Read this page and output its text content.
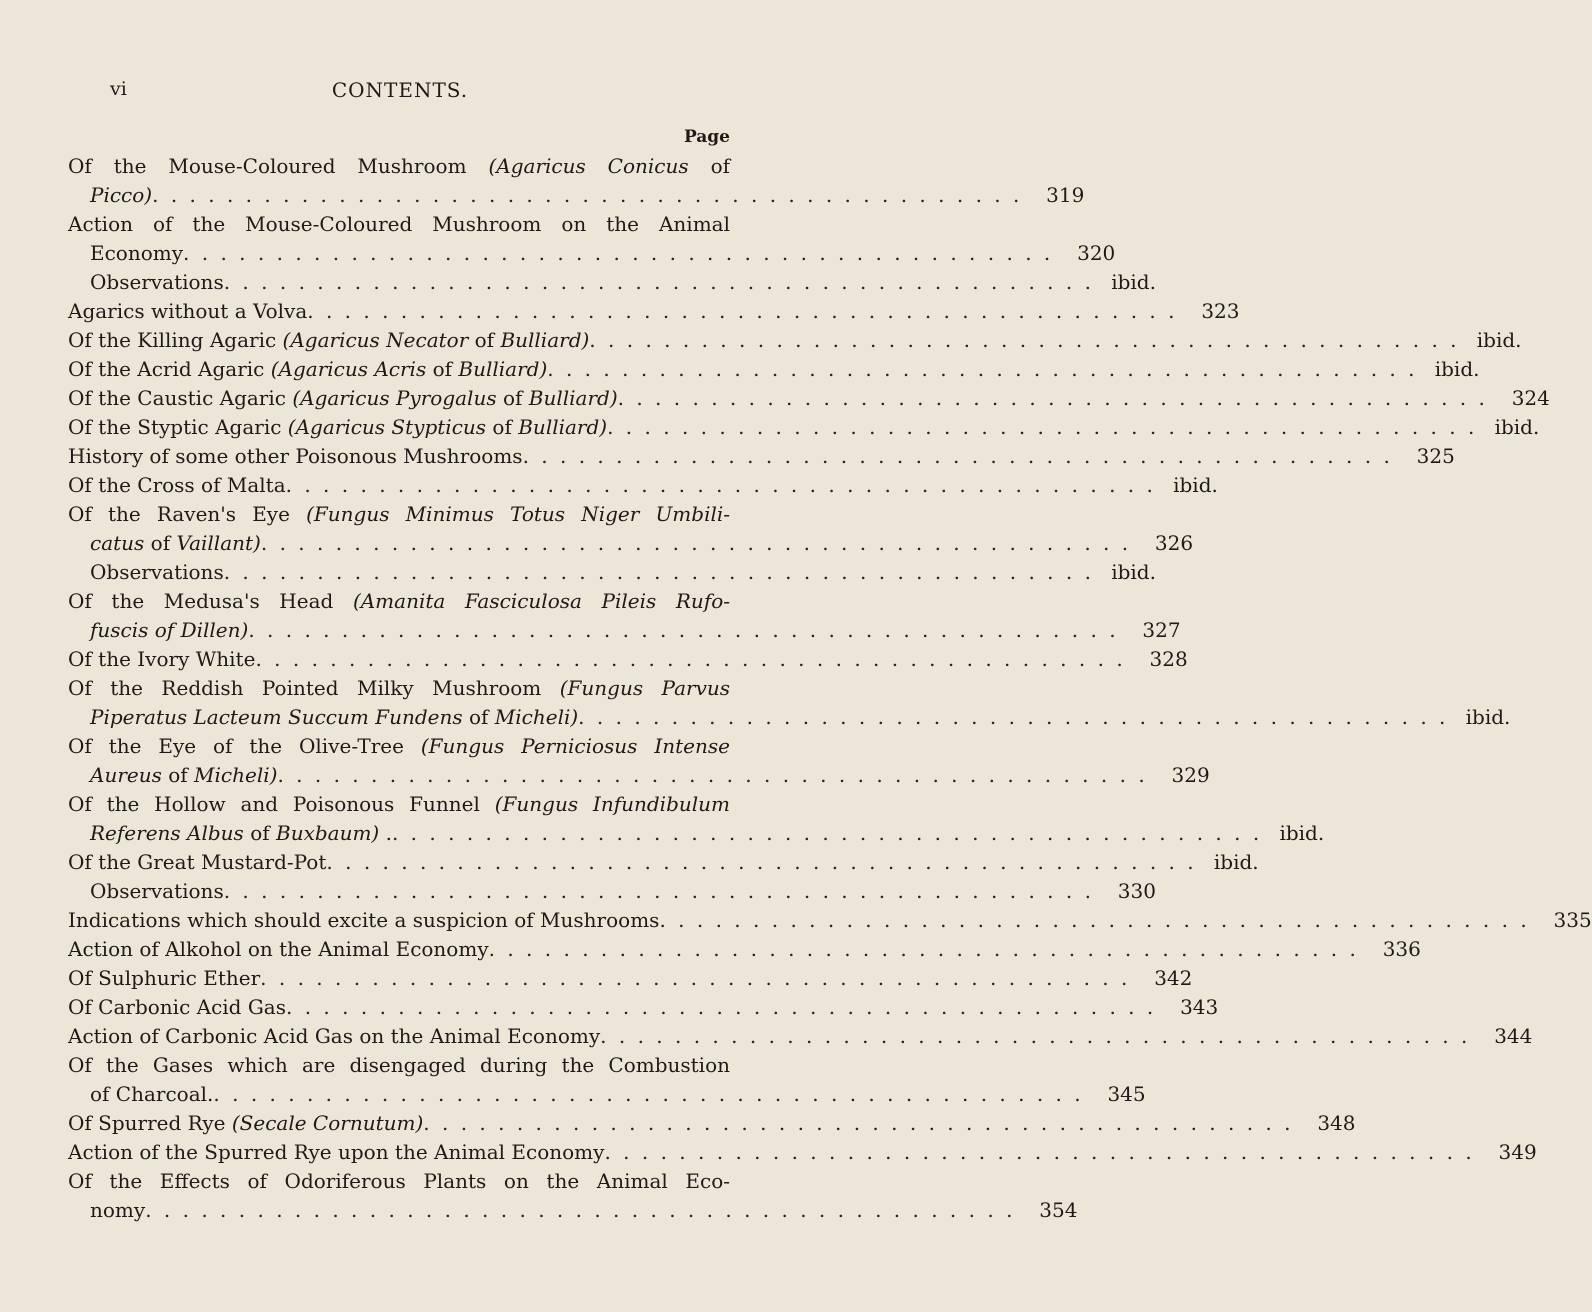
vi	CONTENTS.
Page
Of the Mouse-Coloured Mushroom (Agaricus Conicus of
Picco) . . . . . . . . . . . . . . . . . . . . . . . . . . . . . . . . . . . . . . . . . . . . . . .	319
Action of the Mouse-Coloured Mushroom on the Animal
Economy . . . . . . . . . . . . . . . . . . . . . . . . . . . . . . . . . . . . . . . . . . . . . . .	320
Observations . . . . . . . . . . . . . . . . . . . . . . . . . . . . . . . . . . . . . . . . . . . . . . . ibid.
Agarics without a Volva . . . . . . . . . . . . . . . . . . . . . . . . . . . . . . . . . . . . . . . . . . . . . . .	323
Of the Killing Agaric (Agaricus Necator of Bulliard) . . . . . . . . . . . . . . . . . . . . . . . . . . . . . . . . . . . . . . . . . . . . . . . ibid.
Of the Acrid Agaric (Agaricus Acris of Bulliard) . . . . . . . . . . . . . . . . . . . . . . . . . . . . . . . . . . . . . . . . . . . . . . . ibid.
Of the Caustic Agaric (Agaricus Pyrogalus of Bulliard) . . . . . . . . . . . . . . . . . . . . . . . . . . . . . . . . . . . . . . . . . . . . . . .	324
Of the Styptic Agaric (Agaricus Stypticus of Bulliard) . . . . . . . . . . . . . . . . . . . . . . . . . . . . . . . . . . . . . . . . . . . . . . . ibid.
History of some other Poisonous Mushrooms . . . . . . . . . . . . . . . . . . . . . . . . . . . . . . . . . . . . . . . . . . . . . . .	325
Of the Cross of Malta . . . . . . . . . . . . . . . . . . . . . . . . . . . . . . . . . . . . . . . . . . . . . . . ibid.
Of the Raven's Eye (Fungus Minimus Totus Niger Umbili-
catus of Vaillant) . . . . . . . . . . . . . . . . . . . . . . . . . . . . . . . . . . . . . . . . . . . . . . .	326
Observations . . . . . . . . . . . . . . . . . . . . . . . . . . . . . . . . . . . . . . . . . . . . . . . ibid.
Of the Medusa's Head (Amanita Fasciculosa Pileis Rufo-
fuscis of Dillen) . . . . . . . . . . . . . . . . . . . . . . . . . . . . . . . . . . . . . . . . . . . . . . .	327
Of the Ivory White . . . . . . . . . . . . . . . . . . . . . . . . . . . . . . . . . . . . . . . . . . . . . . .	328
Of the Reddish Pointed Milky Mushroom (Fungus Parvus
Piperatus Lacteum Succum Fundens of Micheli) . . . . . . . . . . . . . . . . . . . . . . . . . . . . . . . . . . . . . . . . . . . . . . . ibid.
Of the Eye of the Olive-Tree (Fungus Perniciosus Intense
Aureus of Micheli) . . . . . . . . . . . . . . . . . . . . . . . . . . . . . . . . . . . . . . . . . . . . . . .	329
Of the Hollow and Poisonous Funnel (Fungus Infundibulum
Referens Albus of Buxbaum) . . . . . . . . . . . . . . . . . . . . . . . . . . . . . . . . . . . . . . . . . . . . . . . . ibid.
Of the Great Mustard-Pot . . . . . . . . . . . . . . . . . . . . . . . . . . . . . . . . . . . . . . . . . . . . . . . ibid.
Observations . . . . . . . . . . . . . . . . . . . . . . . . . . . . . . . . . . . . . . . . . . . . . . .	330
Indications which should excite a suspicion of Mushrooms . . . . . . . . . . . . . . . . . . . . . . . . . . . . . . . . . . . . . . . . . . . . . . .	335
Action of Alkohol on the Animal Economy . . . . . . . . . . . . . . . . . . . . . . . . . . . . . . . . . . . . . . . . . . . . . . .	336
Of Sulphuric Ether . . . . . . . . . . . . . . . . . . . . . . . . . . . . . . . . . . . . . . . . . . . . . . .	342
Of Carbonic Acid Gas . . . . . . . . . . . . . . . . . . . . . . . . . . . . . . . . . . . . . . . . . . . . . . .	343
Action of Carbonic Acid Gas on the Animal Economy . . . . . . . . . . . . . . . . . . . . . . . . . . . . . . . . . . . . . . . . . . . . . . .	344
Of the Gases which are disengaged during the Combustion
of Charcoal. . . . . . . . . . . . . . . . . . . . . . . . . . . . . . . . . . . . . . . . . . . . . . . .	345
Of Spurred Rye (Secale Cornutum) . . . . . . . . . . . . . . . . . . . . . . . . . . . . . . . . . . . . . . . . . . . . . . .	348
Action of the Spurred Rye upon the Animal Economy . . . . . . . . . . . . . . . . . . . . . . . . . . . . . . . . . . . . . . . . . . . . . . .	349
Of the Effects of Odoriferous Plants on the Animal Eco-
nomy . . . . . . . . . . . . . . . . . . . . . . . . . . . . . . . . . . . . . . . . . . . . . . .	354
